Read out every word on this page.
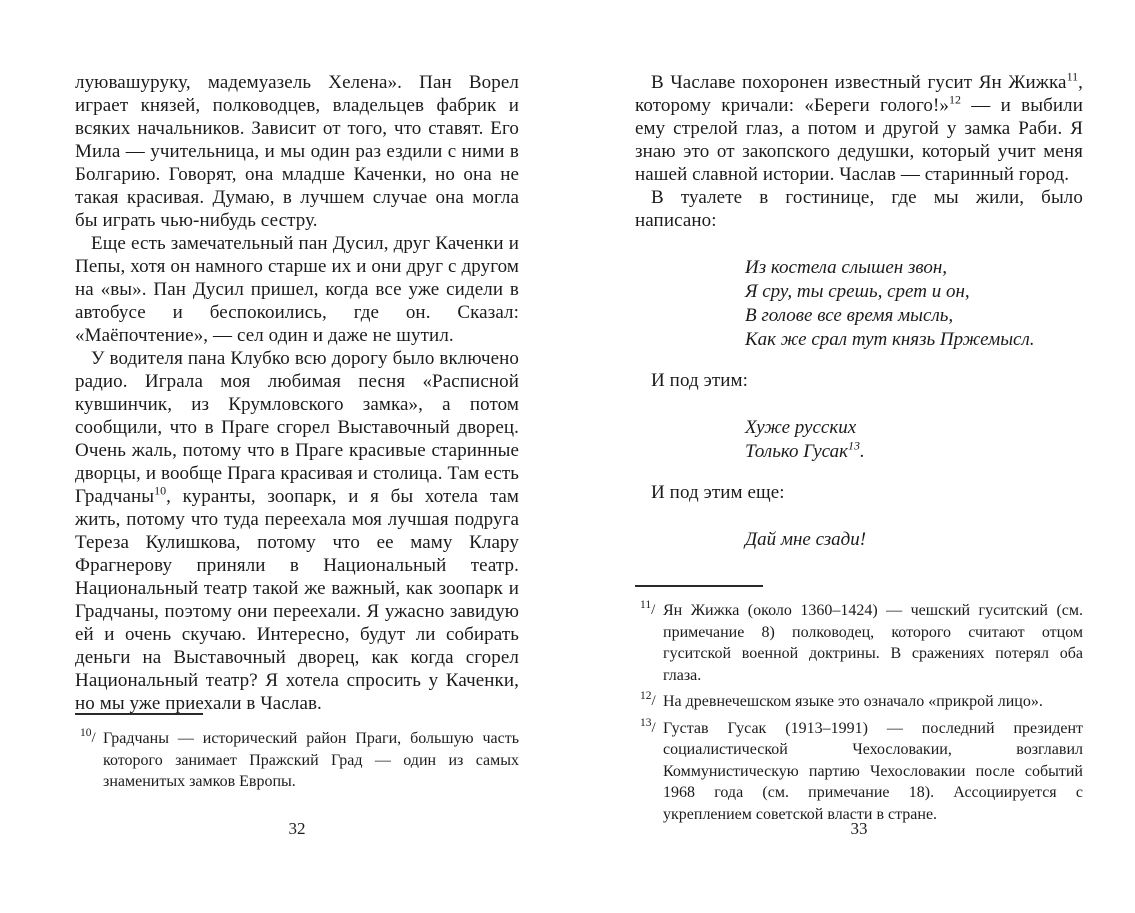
луювашуруку, мадемуазель Хелена». Пан Ворел играет князей, полководцев, владельцев фабрик и всяких начальников. Зависит от того, что ставят. Его Мила — учительница, и мы один раз ездили с ними в Болгарию. Говорят, она младше Каченки, но она не такая красивая. Думаю, в лучшем случае она могла бы играть чью-нибудь сестру.

Еще есть замечательный пан Дусил, друг Каченки и Пепы, хотя он намного старше их и они друг с другом на «вы». Пан Дусил пришел, когда все уже сидели в автобусе и беспокоились, где он. Сказал: «Маёпочтение», — сел один и даже не шутил.

У водителя пана Клубко всю дорогу было включено радио. Играла моя любимая песня «Расписной кувшинчик, из Крумловского замка», а потом сообщили, что в Праге сгорел Выставочный дворец. Очень жаль, потому что в Праге красивые старинные дворцы, и вообще Прага красивая и столица. Там есть Градчаны$^{10}$, куранты, зоопарк, и я бы хотела там жить, потому что туда переехала моя лучшая подруга Тереза Кулишкова, потому что ее маму Клару Фрагнерову приняли в Национальный театр. Национальный театр такой же важный, как зоопарк и Градчаны, поэтому они переехали. Я ужасно завидую ей и очень скучаю. Интересно, будут ли собирать деньги на Выставочный дворец, как когда сгорел Национальный театр? Я хотела спросить у Каченки, но мы уже приехали в Часлав.

$^{10}$/ Градчаны — исторический район Праги, большую часть которого занимает Пражский Град — один из самых знаменитых замков Европы.
32

В Чаславе похоронен известный гусит Ян Жижка$^{11}$, которому кричали: «Береги голого!»$^{12}$ — и выбили ему стрелой глаз, а потом и другой у замка Раби. Я знаю это от закопского дедушки, который учит меня нашей славной истории. Часлав — старинный город.

В туалете в гостинице, где мы жили, было написано:

Из костела слышен звон,
Я сру, ты срешь, срет и он,
В голове все время мысль,
Как же срал тут князь Пржемысл.

И под этим:

Хуже русских
Только Гусак$^{13}$.

И под этим еще:

Дай мне сзади!
$^{11}$/ Ян Жижка (около 1360–1424) — чешский гуситский (см. примечание 8) полководец, которого считают отцом гуситской военной доктрины. В сражениях потерял оба глаза.
$^{12}$/ На древнечешском языке это означало «прикрой лицо».
$^{13}$/ Густав Гусак (1913–1991) — последний президент социалистической Чехословакии, возглавил Коммунистическую партию Чехословакии после событий 1968 года (см. примечание 18). Ассоциируется с укреплением советской власти в стране.
33
